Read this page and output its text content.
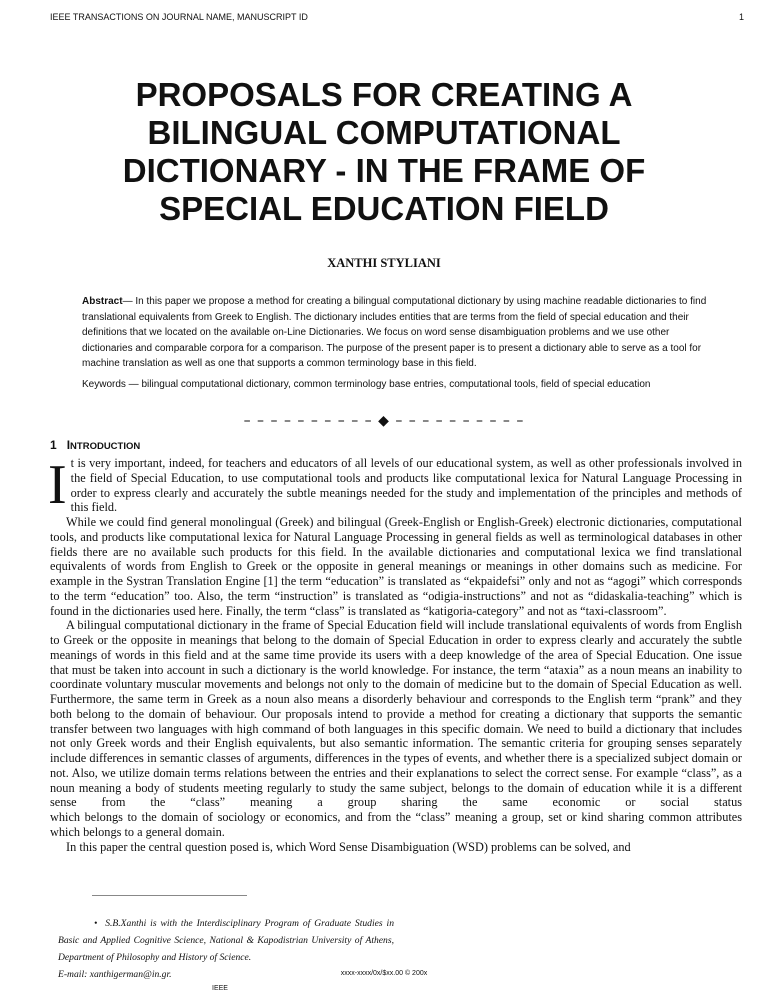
IEEE TRANSACTIONS ON JOURNAL NAME, MANUSCRIPT ID	1
PROPOSALS FOR CREATING A
BILINGUAL COMPUTATIONAL
DICTIONARY - IN THE FRAME OF
SPECIAL EDUCATION FIELD
XANTHI STYLIANI
Abstract— In this paper we propose a method for creating a bilingual computational dictionary by using machine readable dictionaries to find translational equivalents from Greek to English. The dictionary includes entities that are terms from the field of special education and their definitions that we located on the available on-Line Dictionaries. We focus on word sense disambiguation problems and we use other dictionaries and comparable corpora for a comparison. The purpose of the present paper is to present a dictionary able to serve as a tool for machine translation as well as one that supports a common terminology base in this field.
Keywords — bilingual computational dictionary, common terminology base entries, computational tools, field of special education
– – – – – – – – – – ◆ – – – – – – – – – –
1 INTRODUCTION

It is very important, indeed, for teachers and educators of all levels of our educational system, as well as other professionals involved in the field of Special Education, to use computational tools and products like computational lexica for Natural Language Processing in order to express clearly and accurately the subtle meanings needed for the study and implementation of the principles and methods of this field.

While we could find general monolingual (Greek) and bilingual (Greek-English or English-Greek) electronic dictionaries, computational tools, and products like computational lexica for Natural Language Processing in general fields as well as terminological databases in other fields there are no available such products for this field. In the available dictionaries and computational lexica we find translational equivalents of words from English to Greek or the opposite in general meanings or meanings in other domains such as medicine. For example in the Systran Translation Engine [1] the term “education” is translated as “ekpaidefsi” only and not as “agogi” which corresponds to the term “education” too. Also, the term “instruction” is translated as “odigia-instructions” and not as “didaskalia-teaching” which is found in the dictionaries used here. Finally, the term “class” is translated as “katigoria-category” and not as “taxi-classroom”.

A bilingual computational dictionary in the frame of Special Education field will include translational equivalents of words from English to Greek or the opposite in meanings that belong to the domain of Special Education in order to express clearly and accurately the subtle meanings of words in this field and at the same time provide its users with a deep knowledge of the area of Special Education. One issue that must be taken into account in such a dictionary is the world knowledge. For instance, the term “ataxia” as a noun means an inability to coordinate voluntary muscular movements and belongs not only to the domain of medicine but to the domain of Special Education as well. Furthermore, the same term in Greek as a noun also means a disorderly behaviour and corresponds to the English term “prank” and they both belong to the domain of behaviour. Our proposals intend to provide a method for creating a dictionary that supports the semantic transfer between two languages with high command of both languages in this specific domain. We need to build a dictionary that includes not only Greek words and their English equivalents, but also semantic information. The semantic criteria for grouping senses separately include differences in semantic classes of arguments, differences in the types of events, and whether there is a specialized subject domain or not. Also, we utilize domain terms relations between the entries and their explanations to select the correct sense. For example “class”, as a noun meaning a body of students meeting regularly to study the same subject, belongs to the domain of education while it is a different sense from the “class” meaning a group sharing the same economic or social status

which belongs to the domain of sociology or economics, and from the “class” meaning a group, set or kind sharing common attributes which belongs to a general domain.

In this paper the central question posed is, which Word Sense Disambiguation (WSD) problems can be solved, and

• S.B.Xanthi is with the Interdisciplinary Program of Graduate Studies in Basic and Applied Cognitive Science, National & Kapodistrian University of Athens, Department of Philosophy and History of Science.
E-mail: xanthigerman@in.gr.	xxxx-xxxx/0x/$xx.00 © 200x
IEEE
